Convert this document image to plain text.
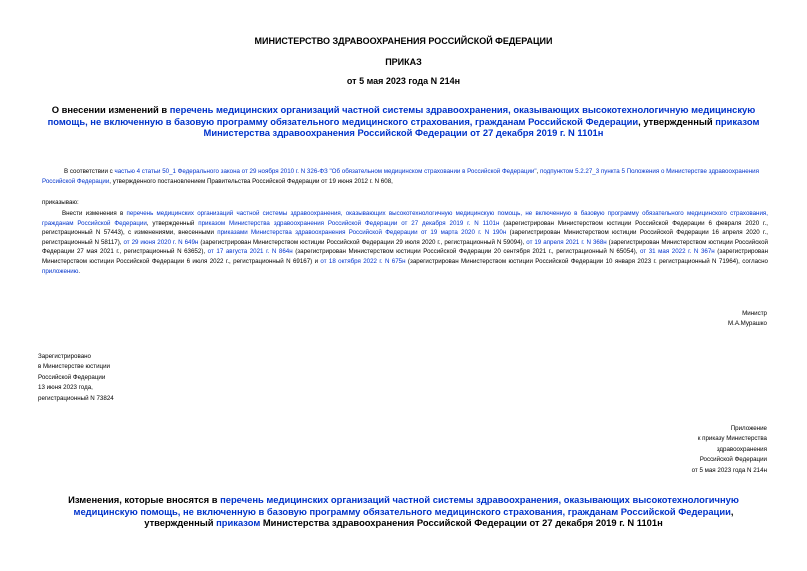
МИНИСТЕРСТВО ЗДРАВООХРАНЕНИЯ РОССИЙСКОЙ ФЕДЕРАЦИИ
ПРИКАЗ
от 5 мая 2023 года N 214н
О внесении изменений в перечень медицинских организаций частной системы здравоохранения, оказывающих высокотехнологичную медицинскую помощь, не включенную в базовую программу обязательного медицинского страхования, гражданам Российской Федерации, утвержденный приказом Министерства здравоохранения Российской Федерации от 27 декабря 2019 г. N 1101н
В соответствии с частью 4 статьи 50_1 Федерального закона от 29 ноября 2010 г. N 326-ФЗ "Об обязательном медицинском страховании в Российской Федерации", подпунктом 5.2.27_3 пункта 5 Положения о Министерстве здравоохранения Российской Федерации, утвержденного постановлением Правительства Российской Федерации от 19 июня 2012 г. N 608,
приказываю:
Внести изменения в перечень медицинских организаций частной системы здравоохранения, оказывающих высокотехнологичную медицинскую помощь, не включенную в базовую программу обязательного медицинского страхования, гражданам Российской Федерации, утвержденный приказом Министерства здравоохранения Российской Федерации от 27 декабря 2019 г. N 1101н (зарегистрирован Министерством юстиции Российской Федерации 6 февраля 2020 г., регистрационный N 57443), с изменениями, внесенными приказами Министерства здравоохранения Российской Федерации от 19 марта 2020 г. N 190н (зарегистрирован Министерством юстиции Российской Федерации 16 апреля 2020 г., регистрационный N 58117), от 29 июня 2020 г. N 649н (зарегистрирован Министерством юстиции Российской Федерации 29 июля 2020 г., регистрационный N 59094), от 19 апреля 2021 г. N 368н (зарегистрирован Министерством юстиции Российской Федерации 27 мая 2021 г., регистрационный N 63652), от 17 августа 2021 г. N 864н (зарегистрирован Министерством юстиции Российской Федерации 20 сентября 2021 г., регистрационный N 65054), от 31 мая 2022 г. N 367н (зарегистрирован Министерством юстиции Российской Федерации 6 июля 2022 г., регистрационный N 69167) и от 18 октября 2022 г. N 675н (зарегистрирован Министерством юстиции Российской Федерации 10 января 2023 г. регистрационный N 71964), согласно приложению.
Министр
М.А.Мурашко
Зарегистрировано
в Министерстве юстиции
Российской Федерации
13 июня 2023 года,
регистрационный N 73824
Приложение
к приказу Министерства
здравоохранения
Российской Федерации
от 5 мая 2023 года N 214н
Изменения, которые вносятся в перечень медицинских организаций частной системы здравоохранения, оказывающих высокотехнологичную медицинскую помощь, не включенную в базовую программу обязательного медицинского страхования, гражданам Российской Федерации, утвержденный приказом Министерства здравоохранения Российской Федерации от 27 декабря 2019 г. N 1101н
